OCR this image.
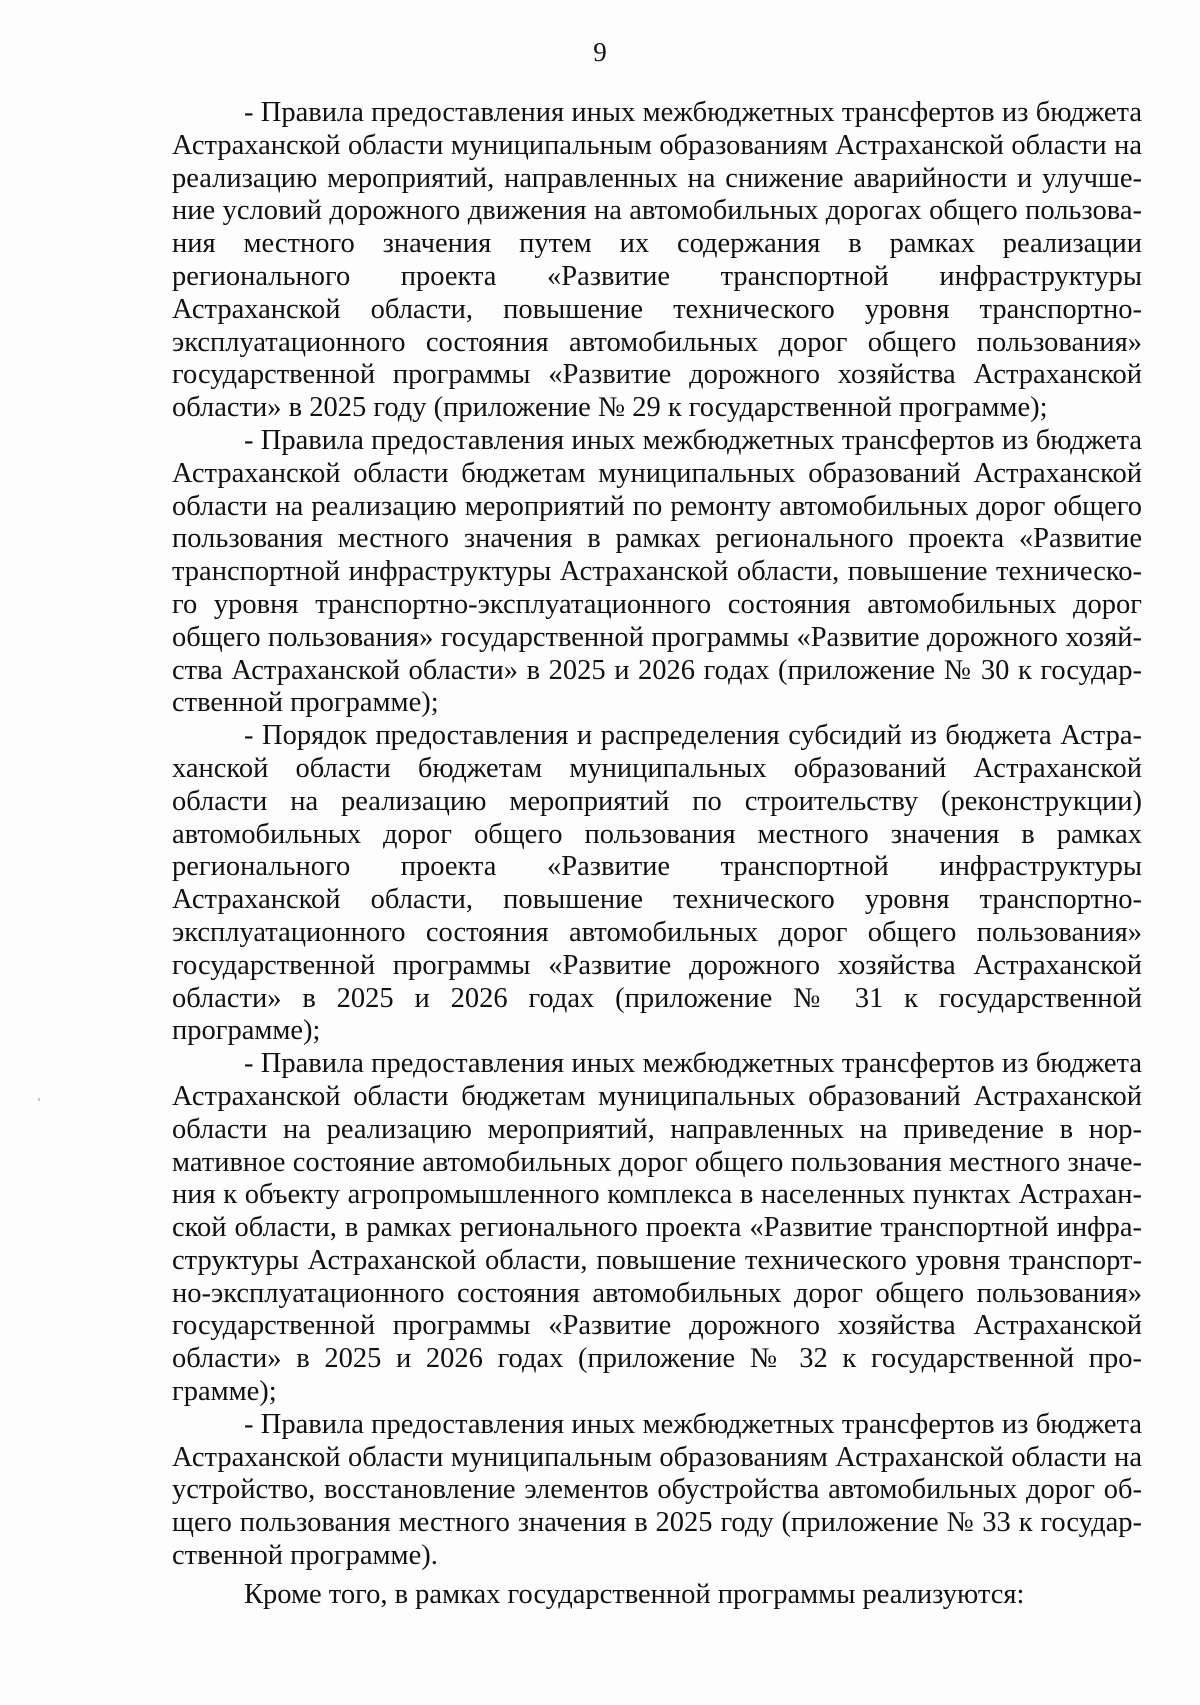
9

- Правила предоставления иных межбюджетных трансфертов из бюджета Астраханской области муниципальным образованиям Астраханской области на реализацию мероприятий, направленных на снижение аварийности и улучшение условий дорожного движения на автомобильных дорогах общего пользования местного значения путем их содержания в рамках реализации регионального проекта «Развитие транспортной инфраструктуры Астраханской области, повышение технического уровня транспортно-эксплуатационного состояния автомобильных дорог общего пользования» государственной программы «Развитие дорожного хозяйства Астраханской области» в 2025 году (приложение № 29 к государственной программе);

- Правила предоставления иных межбюджетных трансфертов из бюджета Астраханской области бюджетам муниципальных образований Астраханской области на реализацию мероприятий по ремонту автомобильных дорог общего пользования местного значения в рамках регионального проекта «Развитие транспортной инфраструктуры Астраханской области, повышение технического уровня транспортно-эксплуатационного состояния автомобильных дорог общего пользования» государственной программы «Развитие дорожного хозяйства Астраханской области» в 2025 и 2026 годах (приложение № 30 к государственной программе);

- Порядок предоставления и распределения субсидий из бюджета Астраханской области бюджетам муниципальных образований Астраханской области на реализацию мероприятий по строительству (реконструкции) автомобильных дорог общего пользования местного значения в рамках регионального проекта «Развитие транспортной инфраструктуры Астраханской области, повышение технического уровня транспортно-эксплуатационного состояния автомобильных дорог общего пользования» государственной программы «Развитие дорожного хозяйства Астраханской области» в 2025 и 2026 годах (приложение № 31 к государственной программе);

- Правила предоставления иных межбюджетных трансфертов из бюджета Астраханской области бюджетам муниципальных образований Астраханской области на реализацию мероприятий, направленных на приведение в нормативное состояние автомобильных дорог общего пользования местного значения к объекту агропромышленного комплекса в населенных пунктах Астраханской области, в рамках регионального проекта «Развитие транспортной инфраструктуры Астраханской области, повышение технического уровня транспортно-эксплуатационного состояния автомобильных дорог общего пользования» государственной программы «Развитие дорожного хозяйства Астраханской области» в 2025 и 2026 годах (приложение № 32 к государственной программе);

- Правила предоставления иных межбюджетных трансфертов из бюджета Астраханской области муниципальным образованиям Астраханской области на устройство, восстановление элементов обустройства автомобильных дорог общего пользования местного значения в 2025 году (приложение № 33 к государственной программе).

Кроме того, в рамках государственной программы реализуются:
